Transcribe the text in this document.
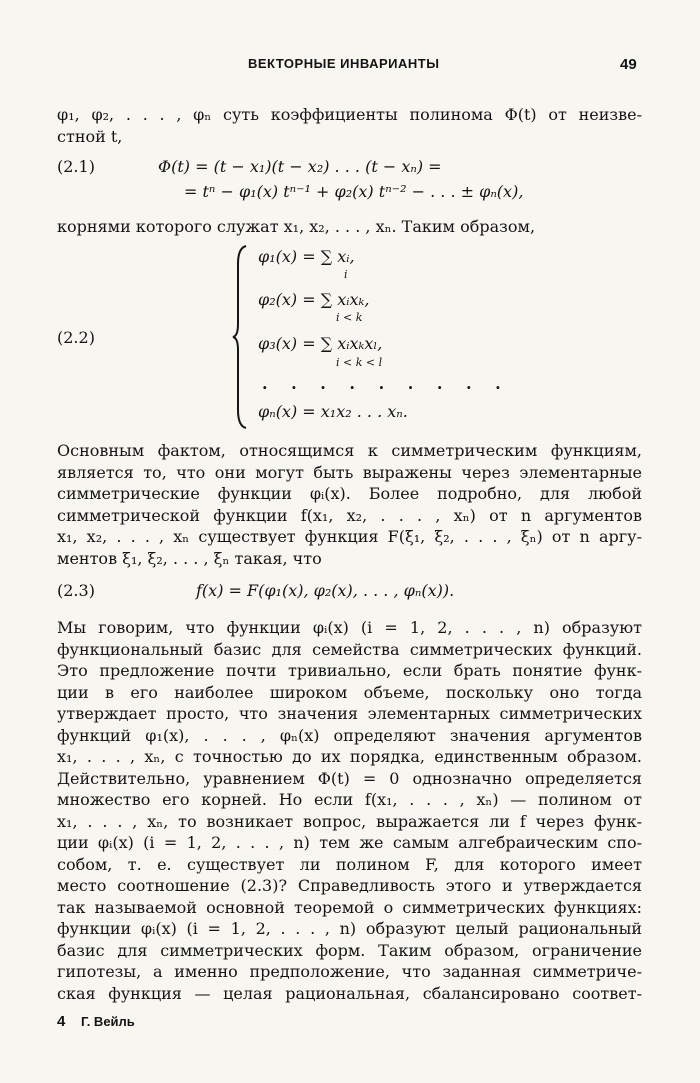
ВЕКТОРНЫЕ ИНВАРИАНТЫ	49
φ₁, φ₂, . . . , φₙ суть коэффициенты полинома Φ(t) от неизве-
стной t,
(2.1)	Φ(t) = (t − x₁)(t − x₂) . . . (t − xₙ) =
= tⁿ − φ₁(x) tⁿ⁻¹ + φ₂(x) tⁿ⁻² − . . . ± φₙ(x),
корнями которого служат x₁, x₂, . . . , xₙ. Таким образом,
(2.2)
φ₁(x) = ∑ xᵢ,
i
φ₂(x) = ∑ xᵢxₖ,
i < k
φ₃(x) = ∑ xᵢxₖxₗ,
i < k < l
· · · · · · · · ·
φₙ(x) = x₁x₂ . . . xₙ.
Основным фактом, относящимся к симметрическим функциям,
является то, что они могут быть выражены через элементарные
симметрические функции φᵢ(x). Более подробно, для любой
симметрической функции f(x₁, x₂, . . . , xₙ) от n аргументов
x₁, x₂, . . . , xₙ существует функция F(ξ₁, ξ₂, . . . , ξₙ) от n аргу-
ментов ξ₁, ξ₂, . . . , ξₙ такая, что
(2.3)	f(x) = F(φ₁(x), φ₂(x), . . . , φₙ(x)).
Мы говорим, что функции φᵢ(x) (i = 1, 2, . . . , n) образуют
функциональный базис для семейства симметрических функций.
Это предложение почти тривиально, если брать понятие функ-
ции в его наиболее широком объеме, поскольку оно тогда
утверждает просто, что значения элементарных симметрических
функций φ₁(x), . . . , φₙ(x) определяют значения аргументов
x₁, . . . , xₙ, с точностью до их порядка, единственным образом.
Действительно, уравнением Φ(t) = 0 однозначно определяется
множество его корней. Но если f(x₁, . . . , xₙ) — полином от
x₁, . . . , xₙ, то возникает вопрос, выражается ли f через функ-
ции φᵢ(x) (i = 1, 2, . . . , n) тем же самым алгебраическим спо-
собом, т. е. существует ли полином F, для которого имеет
место соотношение (2.3)? Справедливость этого и утверждается
так называемой основной теоремой о симметрических функциях:
функции φᵢ(x) (i = 1, 2, . . . , n) образуют целый рациональный
базис для симметрических форм. Таким образом, ограничение
гипотезы, а именно предположение, что заданная симметриче-
ская функция — целая рациональная, сбалансировано соответ-
4 Г. Вейль
